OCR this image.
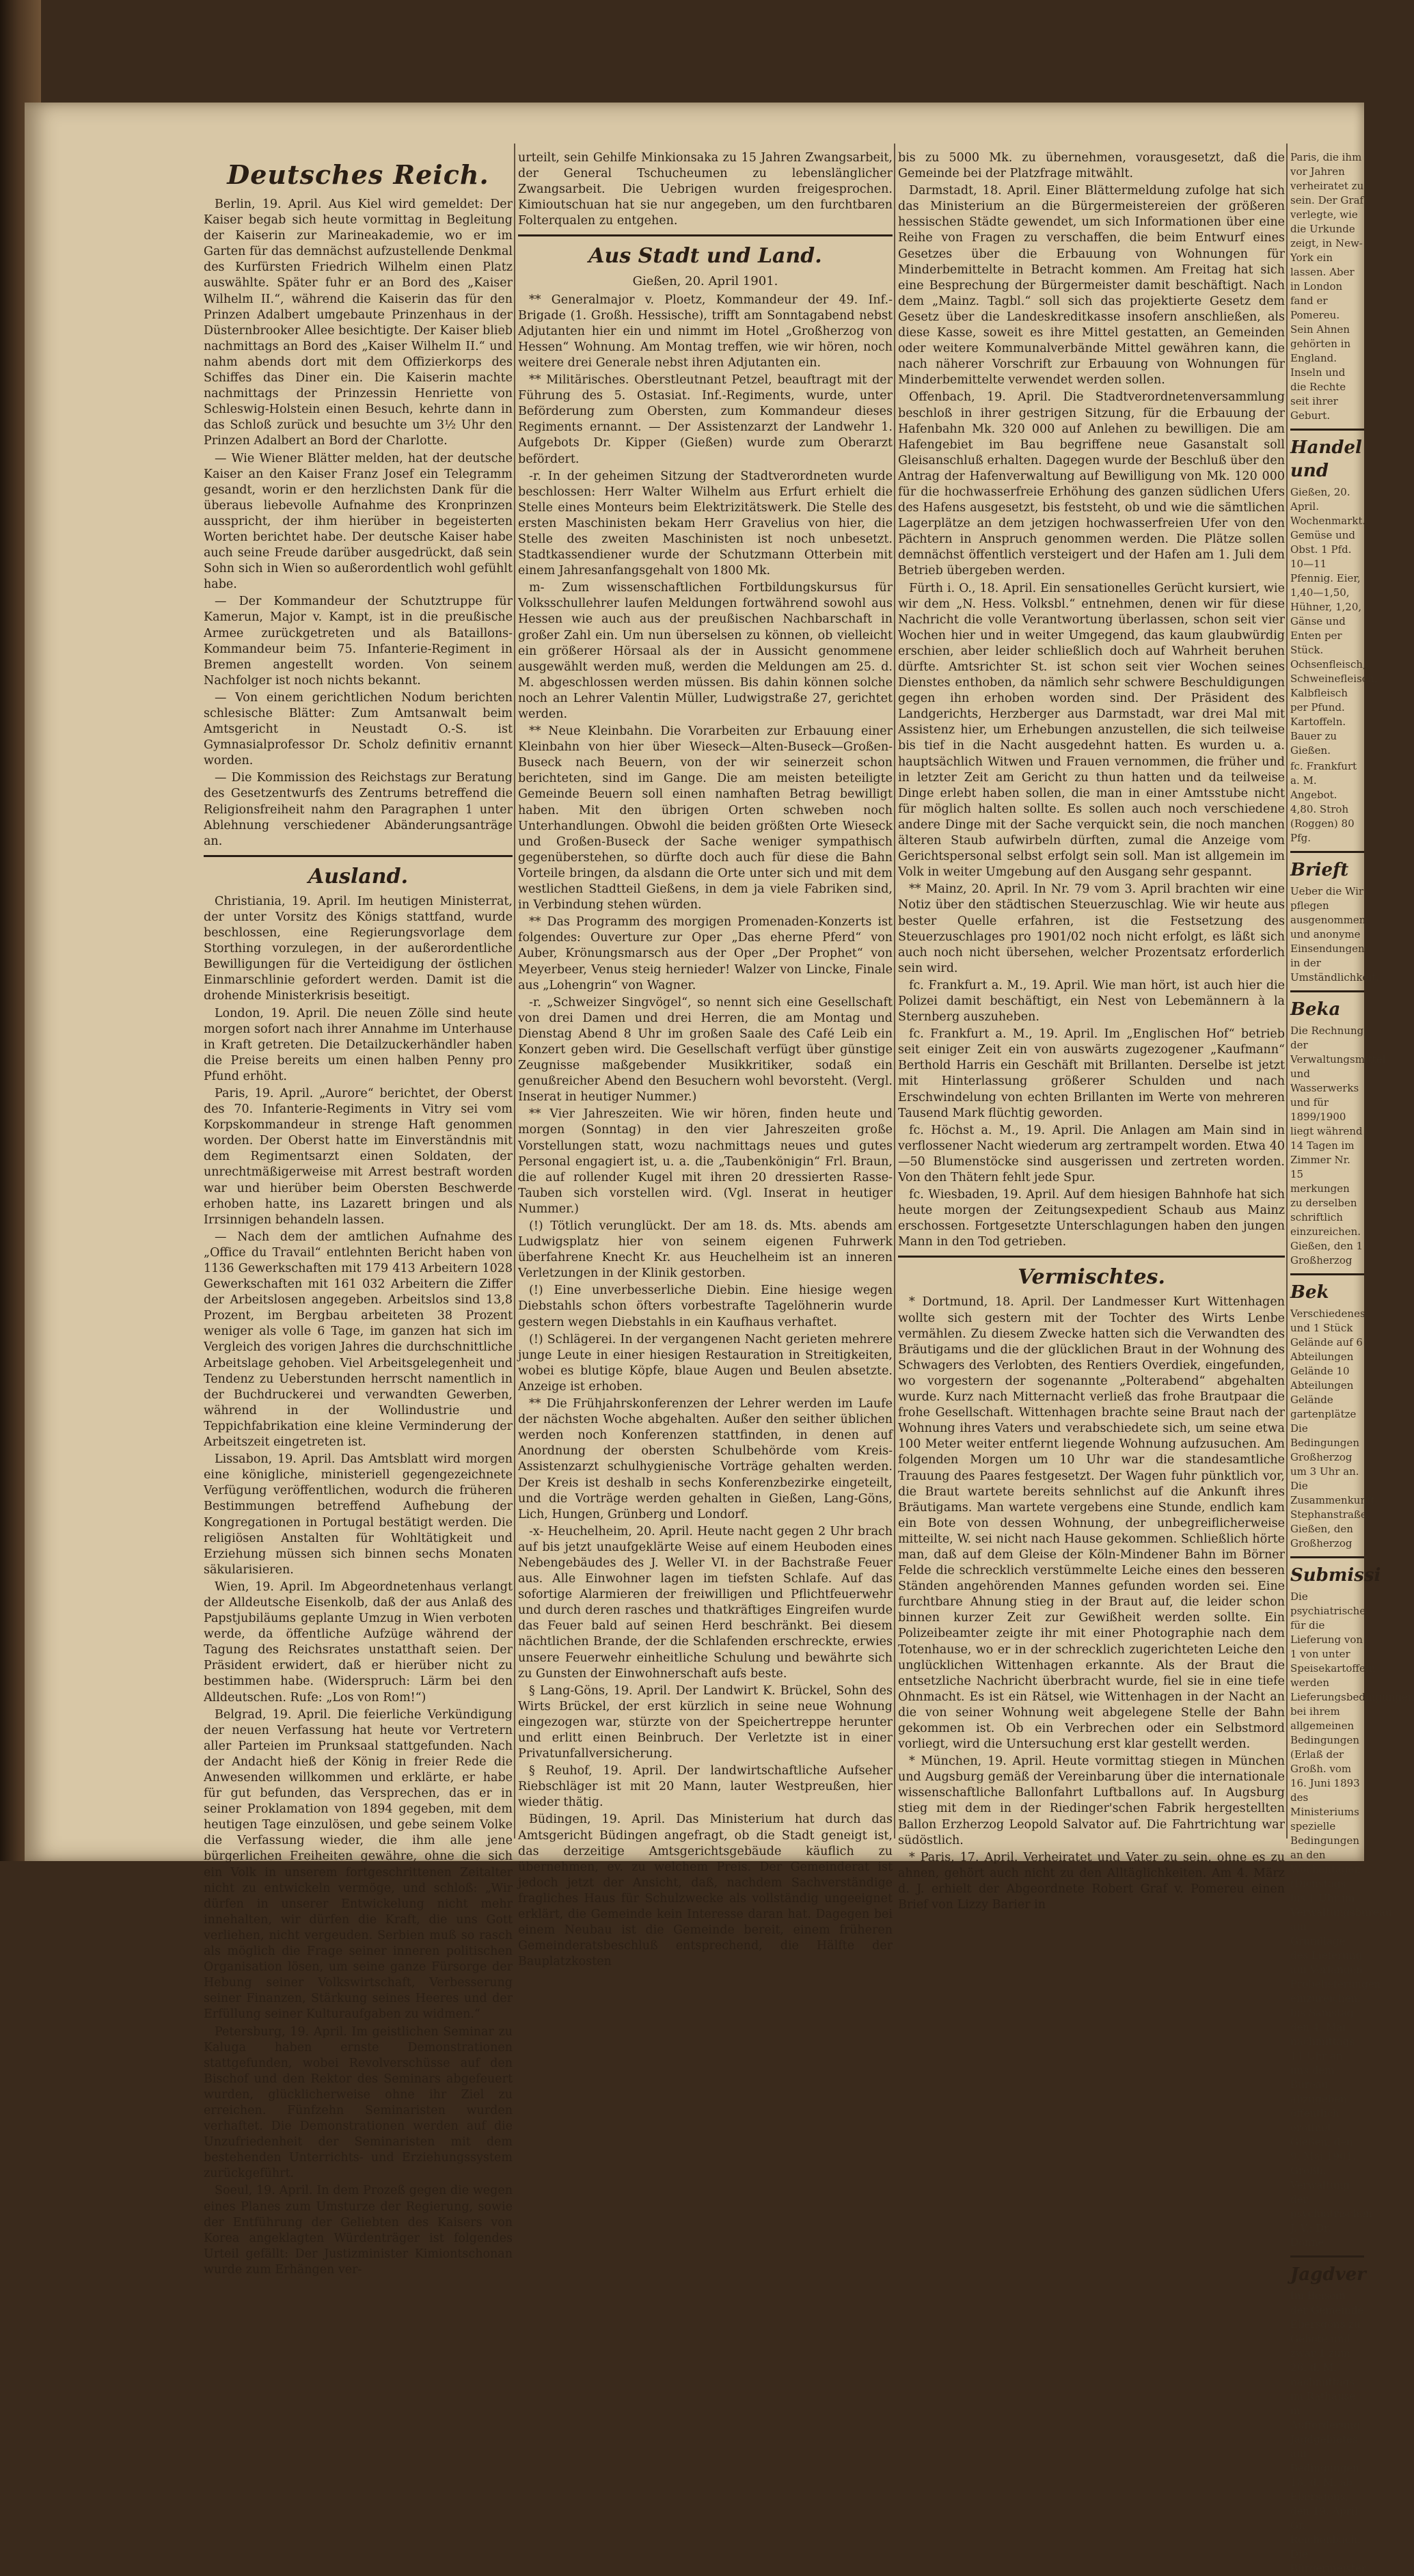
Deutsches Reich.

Berlin, 19. April. Aus Kiel wird gemeldet: Der Kaiser begab sich heute vormittag in Begleitung der Kaiserin zur Marineakademie, wo er im Garten für das demnächst aufzustellende Denkmal des Kurfürsten Friedrich Wilhelm einen Platz auswählte. Später fuhr er an Bord des „Kaiser Wilhelm II.“, während die Kaiserin das für den Prinzen Adalbert umgebaute Prinzenhaus in der Düsternbrooker Allee besichtigte. Der Kaiser blieb nachmittags an Bord des „Kaiser Wilhelm II.“ und nahm abends dort mit dem Offizierkorps des Schiffes das Diner ein. Die Kaiserin machte nachmittags der Prinzessin Henriette von Schleswig-Holstein einen Besuch, kehrte dann in das Schloß zurück und besuchte um 3½ Uhr den Prinzen Adalbert an Bord der Charlotte.

— Wie Wiener Blätter melden, hat der deutsche Kaiser an den Kaiser Franz Josef ein Telegramm gesandt, worin er den herzlichsten Dank für die überaus liebevolle Aufnahme des Kronprinzen ausspricht, der ihm hierüber in begeisterten Worten berichtet habe. Der deutsche Kaiser habe auch seine Freude darüber ausgedrückt, daß sein Sohn sich in Wien so außerordentlich wohl gefühlt habe.

— Der Kommandeur der Schutztruppe für Kamerun, Major v. Kampt, ist in die preußische Armee zurückgetreten und als Bataillons-Kommandeur beim 75. Infanterie-Regiment in Bremen angestellt worden. Von seinem Nachfolger ist noch nichts bekannt.

— Von einem gerichtlichen Nodum berichten schlesische Blätter: Zum Amtsanwalt beim Amtsgericht in Neustadt O.-S. ist Gymnasialprofessor Dr. Scholz definitiv ernannt worden.

— Die Kommission des Reichstags zur Beratung des Gesetzentwurfs des Zentrums betreffend die Religionsfreiheit nahm den Paragraphen 1 unter Ablehnung verschiedener Abänderungsanträge an.

Ausland.

Christiania, 19. April. Im heutigen Ministerrat, der unter Vorsitz des Königs stattfand, wurde beschlossen, eine Regierungsvorlage dem Storthing vorzulegen, in der außerordentliche Bewilligungen für die Verteidigung der östlichen Einmarschlinie gefordert werden. Damit ist die drohende Ministerkrisis beseitigt.

London, 19. April. Die neuen Zölle sind heute morgen sofort nach ihrer Annahme im Unterhause in Kraft getreten. Die Detailzuckerhändler haben die Preise bereits um einen halben Penny pro Pfund erhöht.

Paris, 19. April. „Aurore“ berichtet, der Oberst des 70. Infanterie-Regiments in Vitry sei vom Korpskommandeur in strenge Haft genommen worden. Der Oberst hatte im Einverständnis mit dem Regimentsarzt einen Soldaten, der unrechtmäßigerweise mit Arrest bestraft worden war und hierüber beim Obersten Beschwerde erhoben hatte, ins Lazarett bringen und als Irrsinnigen behandeln lassen.

— Nach dem der amtlichen Aufnahme des „Office du Travail“ entlehnten Bericht haben von 1136 Gewerkschaften mit 179 413 Arbeitern 1028 Gewerkschaften mit 161 032 Arbeitern die Ziffer der Arbeitslosen angegeben. Arbeitslos sind 13,8 Prozent, im Bergbau arbeiteten 38 Prozent weniger als volle 6 Tage, im ganzen hat sich im Vergleich des vorigen Jahres die durchschnittliche Arbeitslage gehoben. Viel Arbeitsgelegenheit und Tendenz zu Ueberstunden herrscht namentlich in der Buchdruckerei und verwandten Gewerben, während in der Wollindustrie und Teppichfabrikation eine kleine Verminderung der Arbeitszeit eingetreten ist.

Lissabon, 19. April. Das Amtsblatt wird morgen eine königliche, ministeriell gegengezeichnete Verfügung veröffentlichen, wodurch die früheren Bestimmungen betreffend Aufhebung der Kongregationen in Portugal bestätigt werden. Die religiösen Anstalten für Wohltätigkeit und Erziehung müssen sich binnen sechs Monaten säkularisieren.

Wien, 19. April. Im Abgeordnetenhaus verlangt der Alldeutsche Eisenkolb, daß der aus Anlaß des Papstjubiläums geplante Umzug in Wien verboten werde, da öffentliche Aufzüge während der Tagung des Reichsrates unstatthaft seien. Der Präsident erwidert, daß er hierüber nicht zu bestimmen habe. (Widerspruch: Lärm bei den Alldeutschen. Rufe: „Los von Rom!“)

Belgrad, 19. April. Die feierliche Verkündigung der neuen Verfassung hat heute vor Vertretern aller Parteien im Prunksaal stattgefunden. Nach der Andacht hieß der König in freier Rede die Anwesenden willkommen und erklärte, er habe für gut befunden, das Versprechen, das er in seiner Proklamation von 1894 gegeben, mit dem heutigen Tage einzulösen, und gebe seinem Volke die Verfassung wieder, die ihm alle jene bürgerlichen Freiheiten gewähre, ohne die sich ein Volk in unserem fortgeschrittenen Zeitalter nicht zu entwickeln vermöge, und schloß: „Wir dürfen in unserer Entwickelung nicht mehr innehalten, wir dürfen die Kraft, die uns Gott verliehen, nicht vergeuden. Serbien muß so rasch als möglich die Frage seiner inneren politischen Organisation lösen, um seine ganze Fürsorge der Hebung seiner Volkswirtschaft, Verbesserung seiner Finanzen, Stärkung seines Heeres und der Erfüllung seiner Kulturaufgaben zu widmen.“

Petersburg, 19. April. Im geistlichen Seminar zu Kaluga haben ernste Demonstrationen stattgefunden, wobei Revolverschüsse auf den Bischof und den Rektor des Seminars abgefeuert wurden, glücklicherweise ohne ihr Ziel zu erreichen. Fünfzehn Seminaristen wurden verhaftet. Die Demonstrationen werden auf die Unzufriedenheit der Seminaristen mit dem bestehenden Unterrichts- und Erziehungssystem zurückgeführt.

Soeul, 19. April. In dem Prozeß gegen die wegen eines Planes zum Umsturze der Regierung, sowie der Entführung der Geliebten des Kaisers von Korea angeklagten Würdenträger ist folgendes Urteil gefällt: Der Justizminister Kimiontschonan wurde zum Erhängen ver-

urteilt, sein Gehilfe Minkionsaka zu 15 Jahren Zwangsarbeit, der General Tschucheumen zu lebenslänglicher Zwangsarbeit. Die Uebrigen wurden freigesprochen. Kimioutschuan hat sie nur angegeben, um den furchtbaren Folterqualen zu entgehen.

Aus Stadt und Land.
Gießen, 20. April 1901.

** Generalmajor v. Ploetz, Kommandeur der 49. Inf.-Brigade (1. Großh. Hessische), trifft am Sonntagabend nebst Adjutanten hier ein und nimmt im Hotel „Großherzog von Hessen“ Wohnung. Am Montag treffen, wie wir hören, noch weitere drei Generale nebst ihren Adjutanten ein.

** Militärisches. Oberstleutnant Petzel, beauftragt mit der Führung des 5. Ostasiat. Inf.-Regiments, wurde, unter Beförderung zum Obersten, zum Kommandeur dieses Regiments ernannt. — Der Assistenzarzt der Landwehr 1. Aufgebots Dr. Kipper (Gießen) wurde zum Oberarzt befördert.

-r. In der geheimen Sitzung der Stadtverordneten wurde beschlossen: Herr Walter Wilhelm aus Erfurt erhielt die Stelle eines Monteurs beim Elektrizitätswerk. Die Stelle des ersten Maschinisten bekam Herr Gravelius von hier, die Stelle des zweiten Maschinisten ist noch unbesetzt. Stadtkassendiener wurde der Schutzmann Otterbein mit einem Jahresanfangsgehalt von 1800 Mk.

m- Zum wissenschaftlichen Fortbildungskursus für Volksschullehrer laufen Meldungen fortwährend sowohl aus Hessen wie auch aus der preußischen Nachbarschaft in großer Zahl ein. Um nun überselsen zu können, ob vielleicht ein größerer Hörsaal als der in Aussicht genommene ausgewählt werden muß, werden die Meldungen am 25. d. M. abgeschlossen werden müssen. Bis dahin können solche noch an Lehrer Valentin Müller, Ludwigstraße 27, gerichtet werden.

** Neue Kleinbahn. Die Vorarbeiten zur Erbauung einer Kleinbahn von hier über Wieseck—Alten-Buseck—Großen-Buseck nach Beuern, von der wir seinerzeit schon berichteten, sind im Gange. Die am meisten beteiligte Gemeinde Beuern soll einen namhaften Betrag bewilligt haben. Mit den übrigen Orten schweben noch Unterhandlungen. Obwohl die beiden größten Orte Wieseck und Großen-Buseck der Sache weniger sympathisch gegenüberstehen, so dürfte doch auch für diese die Bahn Vorteile bringen, da alsdann die Orte unter sich und mit dem westlichen Stadtteil Gießens, in dem ja viele Fabriken sind, in Verbindung stehen würden.

** Das Programm des morgigen Promenaden-Konzerts ist folgendes: Ouverture zur Oper „Das eherne Pferd“ von Auber, Krönungsmarsch aus der Oper „Der Prophet“ von Meyerbeer, Venus steig hernieder! Walzer von Lincke, Finale aus „Lohengrin“ von Wagner.

-r. „Schweizer Singvögel“, so nennt sich eine Gesellschaft von drei Damen und drei Herren, die am Montag und Dienstag Abend 8 Uhr im großen Saale des Café Leib ein Konzert geben wird. Die Gesellschaft verfügt über günstige Zeugnisse maßgebender Musikkritiker, sodaß ein genußreicher Abend den Besuchern wohl bevorsteht. (Vergl. Inserat in heutiger Nummer.)

** Vier Jahreszeiten. Wie wir hören, finden heute und morgen (Sonntag) in den vier Jahreszeiten große Vorstellungen statt, wozu nachmittags neues und gutes Personal engagiert ist, u. a. die „Taubenkönigin“ Frl. Braun, die auf rollender Kugel mit ihren 20 dressierten Rasse-Tauben sich vorstellen wird. (Vgl. Inserat in heutiger Nummer.)

(!) Tötlich verunglückt. Der am 18. ds. Mts. abends am Ludwigsplatz hier von seinem eigenen Fuhrwerk überfahrene Knecht Kr. aus Heuchelheim ist an inneren Verletzungen in der Klinik gestorben.

(!) Eine unverbesserliche Diebin. Eine hiesige wegen Diebstahls schon öfters vorbestrafte Tagelöhnerin wurde gestern wegen Diebstahls in ein Kaufhaus verhaftet.

(!) Schlägerei. In der vergangenen Nacht gerieten mehrere junge Leute in einer hiesigen Restauration in Streitigkeiten, wobei es blutige Köpfe, blaue Augen und Beulen absetzte. Anzeige ist erhoben.

** Die Frühjahrskonferenzen der Lehrer werden im Laufe der nächsten Woche abgehalten. Außer den seither üblichen werden noch Konferenzen stattfinden, in denen auf Anordnung der obersten Schulbehörde vom Kreis-Assistenzarzt schulhygienische Vorträge gehalten werden. Der Kreis ist deshalb in sechs Konferenzbezirke eingeteilt, und die Vorträge werden gehalten in Gießen, Lang-Göns, Lich, Hungen, Grünberg und Londorf.

-x- Heuchelheim, 20. April. Heute nacht gegen 2 Uhr brach auf bis jetzt unaufgeklärte Weise auf einem Heuboden eines Nebengebäudes des J. Weller VI. in der Bachstraße Feuer aus. Alle Einwohner lagen im tiefsten Schlafe. Auf das sofortige Alarmieren der freiwilligen und Pflichtfeuerwehr und durch deren rasches und thatkräftiges Eingreifen wurde das Feuer bald auf seinen Herd beschränkt. Bei diesem nächtlichen Brande, der die Schlafenden erschreckte, erwies unsere Feuerwehr einheitliche Schulung und bewährte sich zu Gunsten der Einwohnerschaft aufs beste.

§ Lang-Göns, 19. April. Der Landwirt K. Brückel, Sohn des Wirts Brückel, der erst kürzlich in seine neue Wohnung eingezogen war, stürzte von der Speichertreppe herunter und erlitt einen Beinbruch. Der Verletzte ist in einer Privatunfallversicherung.

§ Reuhof, 19. April. Der landwirtschaftliche Aufseher Riebschläger ist mit 20 Mann, lauter Westpreußen, hier wieder thätig.

Büdingen, 19. April. Das Ministerium hat durch das Amtsgericht Büdingen angefragt, ob die Stadt geneigt ist, das derzeitige Amtsgerichtsgebäude käuflich zu übernehmen, ev. zu welchem Preis. Der Gemeinderat ist jedoch jetzt der Ansicht, daß, nachdem Sachverständige fragliches Haus für Schulzwecke als vollständig ungeeignet erklärt, die Gemeinde kein Interesse daran hat. Dagegen bei einem Neubau ist die Gemeinde bereit, einem früheren Gemeinderatsbeschluß entsprechend, die Hälfte der Bauplatzkosten

bis zu 5000 Mk. zu übernehmen, vorausgesetzt, daß die Gemeinde bei der Platzfrage mitwählt.

Darmstadt, 18. April. Einer Blättermeldung zufolge hat sich das Ministerium an die Bürgermeistereien der größeren hessischen Städte gewendet, um sich Informationen über eine Reihe von Fragen zu verschaffen, die beim Entwurf eines Gesetzes über die Erbauung von Wohnungen für Minderbemittelte in Betracht kommen. Am Freitag hat sich eine Besprechung der Bürgermeister damit beschäftigt. Nach dem „Mainz. Tagbl.“ soll sich das projektierte Gesetz dem Gesetz über die Landeskreditkasse insofern anschließen, als diese Kasse, soweit es ihre Mittel gestatten, an Gemeinden oder weitere Kommunalverbände Mittel gewähren kann, die nach näherer Vorschrift zur Erbauung von Wohnungen für Minderbemittelte verwendet werden sollen.

Offenbach, 19. April. Die Stadtverordnetenversammlung beschloß in ihrer gestrigen Sitzung, für die Erbauung der Hafenbahn Mk. 320 000 auf Anlehen zu bewilligen. Die am Hafengebiet im Bau begriffene neue Gasanstalt soll Gleisanschluß erhalten. Dagegen wurde der Beschluß über den Antrag der Hafenverwaltung auf Bewilligung von Mk. 120 000 für die hochwasserfreie Erhöhung des ganzen südlichen Ufers des Hafens ausgesetzt, bis feststeht, ob und wie die sämtlichen Lagerplätze an dem jetzigen hochwasserfreien Ufer von den Pächtern in Anspruch genommen werden. Die Plätze sollen demnächst öffentlich versteigert und der Hafen am 1. Juli dem Betrieb übergeben werden.

Fürth i. O., 18. April. Ein sensationelles Gerücht kursiert, wie wir dem „N. Hess. Volksbl.“ entnehmen, denen wir für diese Nachricht die volle Verantwortung überlassen, schon seit vier Wochen hier und in weiter Umgegend, das kaum glaubwürdig erschien, aber leider schließlich doch auf Wahrheit beruhen dürfte. Amtsrichter St. ist schon seit vier Wochen seines Dienstes enthoben, da nämlich sehr schwere Beschuldigungen gegen ihn erhoben worden sind. Der Präsident des Landgerichts, Herzberger aus Darmstadt, war drei Mal mit Assistenz hier, um Erhebungen anzustellen, die sich teilweise bis tief in die Nacht ausgedehnt hatten. Es wurden u. a. hauptsächlich Witwen und Frauen vernommen, die früher und in letzter Zeit am Gericht zu thun hatten und da teilweise Dinge erlebt haben sollen, die man in einer Amtsstube nicht für möglich halten sollte. Es sollen auch noch verschiedene andere Dinge mit der Sache verquickt sein, die noch manchen älteren Staub aufwirbeln dürften, zumal die Anzeige vom Gerichtspersonal selbst erfolgt sein soll. Man ist allgemein im Volk in weiter Umgebung auf den Ausgang sehr gespannt.

** Mainz, 20. April. In Nr. 79 vom 3. April brachten wir eine Notiz über den städtischen Steuerzuschlag. Wie wir heute aus bester Quelle erfahren, ist die Festsetzung des Steuerzuschlages pro 1901/02 noch nicht erfolgt, es läßt sich auch noch nicht übersehen, welcher Prozentsatz erforderlich sein wird.

fc. Frankfurt a. M., 19. April. Wie man hört, ist auch hier die Polizei damit beschäftigt, ein Nest von Lebemännern à la Sternberg auszuheben.

fc. Frankfurt a. M., 19. April. Im „Englischen Hof“ betrieb seit einiger Zeit ein von auswärts zugezogener „Kaufmann“ Berthold Harris ein Geschäft mit Brillanten. Derselbe ist jetzt mit Hinterlassung größerer Schulden und nach Erschwindelung von echten Brillanten im Werte von mehreren Tausend Mark flüchtig geworden.

fc. Höchst a. M., 19. April. Die Anlagen am Main sind in verflossener Nacht wiederum arg zertrampelt worden. Etwa 40—50 Blumenstöcke sind ausgerissen und zertreten worden. Von den Thätern fehlt jede Spur.

fc. Wiesbaden, 19. April. Auf dem hiesigen Bahnhofe hat sich heute morgen der Zeitungsexpedient Schaub aus Mainz erschossen. Fortgesetzte Unterschlagungen haben den jungen Mann in den Tod getrieben.

Vermischtes.

* Dortmund, 18. April. Der Landmesser Kurt Wittenhagen wollte sich gestern mit der Tochter des Wirts Lenbe vermählen. Zu diesem Zwecke hatten sich die Verwandten des Bräutigams und die der glücklichen Braut in der Wohnung des Schwagers des Verlobten, des Rentiers Overdiek, eingefunden, wo vorgestern der sogenannte „Polterabend“ abgehalten wurde. Kurz nach Mitternacht verließ das frohe Brautpaar die frohe Gesellschaft. Wittenhagen brachte seine Braut nach der Wohnung ihres Vaters und verabschiedete sich, um seine etwa 100 Meter weiter entfernt liegende Wohnung aufzusuchen. Am folgenden Morgen um 10 Uhr war die standesamtliche Trauung des Paares festgesetzt. Der Wagen fuhr pünktlich vor, die Braut wartete bereits sehnlichst auf die Ankunft ihres Bräutigams. Man wartete vergebens eine Stunde, endlich kam ein Bote von dessen Wohnung, der unbegreiflicherweise mitteilte, W. sei nicht nach Hause gekommen. Schließlich hörte man, daß auf dem Gleise der Köln-Mindener Bahn im Börner Felde die schrecklich verstümmelte Leiche eines den besseren Ständen angehörenden Mannes gefunden worden sei. Eine furchtbare Ahnung stieg in der Braut auf, die leider schon binnen kurzer Zeit zur Gewißheit werden sollte. Ein Polizeibeamter zeigte ihr mit einer Photographie nach dem Totenhause, wo er in der schrecklich zugerichteten Leiche den unglücklichen Wittenhagen erkannte. Als der Braut die entsetzliche Nachricht überbracht wurde, fiel sie in eine tiefe Ohnmacht. Es ist ein Rätsel, wie Wittenhagen in der Nacht an die von seiner Wohnung weit abgelegene Stelle der Bahn gekommen ist. Ob ein Verbrechen oder ein Selbstmord vorliegt, wird die Untersuchung erst klar gestellt werden.

* München, 19. April. Heute vormittag stiegen in München und Augsburg gemäß der Vereinbarung über die internationale wissenschaftliche Ballonfahrt Luftballons auf. In Augsburg stieg mit dem in der Riedinger'schen Fabrik hergestellten Ballon Erzherzog Leopold Salvator auf. Die Fahrtrichtung war südöstlich.

* Paris, 17. April. Verheiratet und Vater zu sein, ohne es zu ahnen, gehört auch nicht zu den Alltäglichkeiten. Am 4. März d. J. erhielt der Abgeordnete Robert Graf v. Pomereu einen Brief von Lizzy Barier in

Paris, die ihm vor Jahren verheiratet zu sein. Der Graf verlegte, wie die Urkunde zeigt, in New-York ein lassen. Aber in London fand er Pomereu. Sein Ahnen gehörten in England. Inseln und die Rechte seit ihrer Geburt.

Handel und

Gießen, 20. April. Wochenmarkt. Gemüse und Obst. 1 Pfd. 10—11 Pfennig. Eier, 1,40—1,50, Hühner, 1,20, Gänse und Enten per Stück. Ochsenfleisch, Schweinefleisch, Kalbfleisch per Pfund. Kartoffeln. Bauer zu Gießen.

fc. Frankfurt a. M. Angebot. 4,80. Stroh (Roggen) 80 Pfg.

Brieft

Ueber die Wir pflegen ausgenommen und anonyme Einsendungen in der Umständlichkeit.

Beka

Die Rechnung der Verwaltungsmittel und Wasserwerks und für 1899/1900 liegt während 14 Tagen im Zimmer Nr. 15 merkungen zu derselben schriftlich einzureichen. Gießen, den 1 Großherzog

Bek

Verschiedenes und 1 Stück Gelände auf 6 Abteilungen Gelände 10 Abteilungen Gelände gartenplätze Die Bedingungen Großherzog um 3 Uhr an. Die Zusammenkunft Stephanstraße. Gießen, den Großherzog

Submissi

Die psychiatrische für die Lieferung von 1 von unter Speisekartoffeln werden Lieferungsbedingungen bei ihrem allgemeinen Bedingungen (Erlaß der Großh. vom 16. Juni 1893 des Ministeriums spezielle Bedingungen an den Wochentagen (Dienstags bis 1 Uhr im Verwaltungsbureau auf Grundlage des Lieferung auf Verlangen Probelieferungen einzureichen. bis Samstag den 4. Mai nachmittags 11 Uhr an uns dem Bureau abzugeben öffentlich eröffnet. Gießen, den 9. Mai 1901. Großh. Verwaltung der psychiatrischen J. V.: Dr. Donne

Jagdver

Im Beisein der Gemeinde Ebersgöns zu Gebote und zwar 1 zum 26. d. M. nachmittags im Rathause in Aufforderung Jagdgebietes auf Bedingungen 18. d. M. ab Ebersgöns, den 19. April Gr. Reichenbach. Die Bürgermeister.
